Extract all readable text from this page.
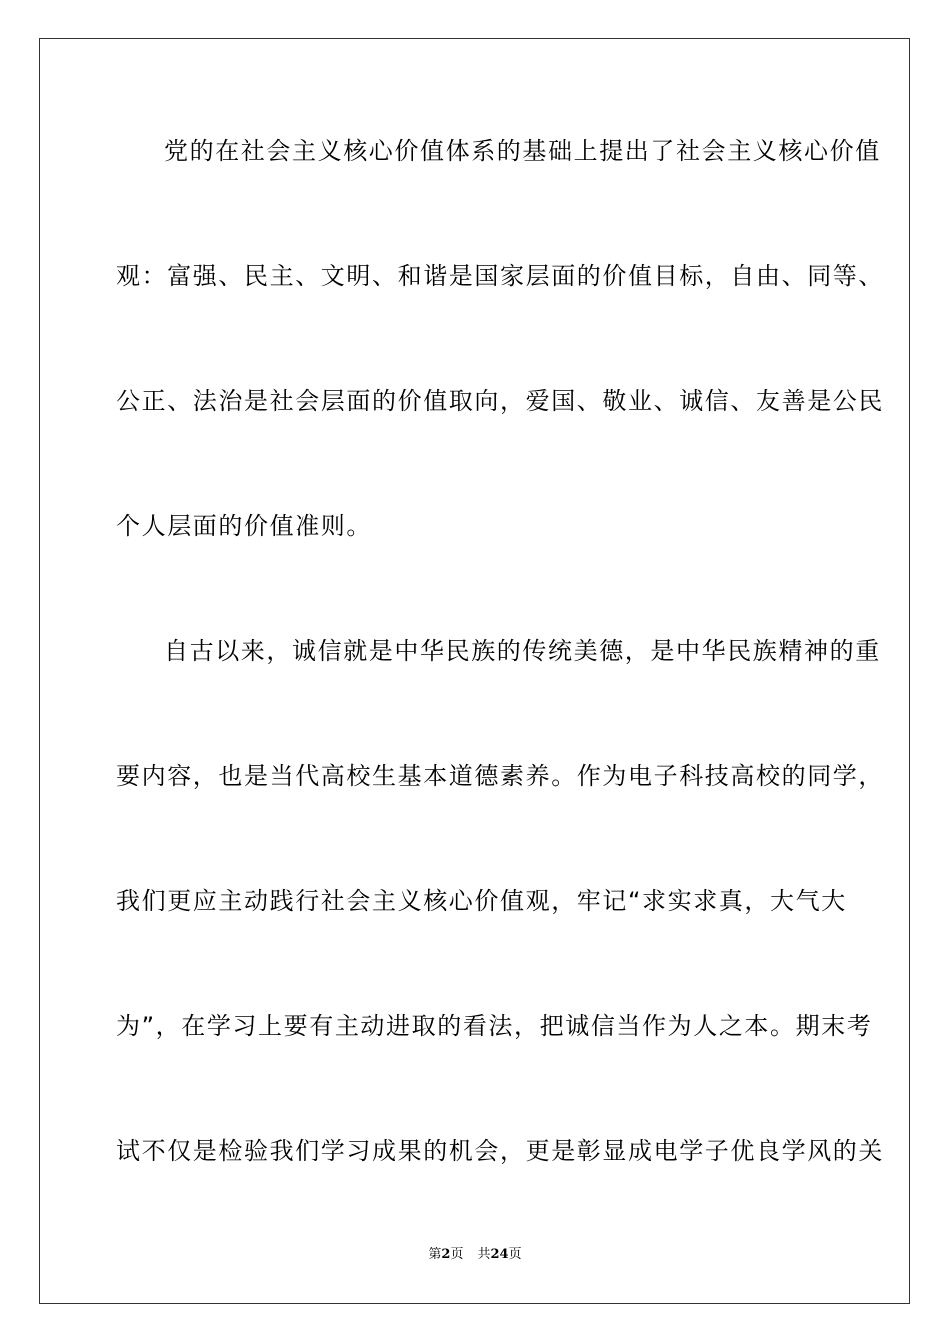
党的在社会主义核心价值体系的基础上提出了社会主义核心价值
观：富强、民主、文明、和谐是国家层面的价值目标，自由、同等、
公正、法治是社会层面的价值取向，爱国、敬业、诚信、友善是公民
个人层面的价值准则。
自古以来，诚信就是中华民族的传统美德，是中华民族精神的重
要内容，也是当代高校生基本道德素养。作为电子科技高校的同学，
我们更应主动践行社会主义核心价值观，牢记“求实求真，大气大
为”，在学习上要有主动进取的看法，把诚信当作为人之本。期末考
试不仅是检验我们学习成果的机会，更是彰显成电学子优良学风的关
第2页 共24页
